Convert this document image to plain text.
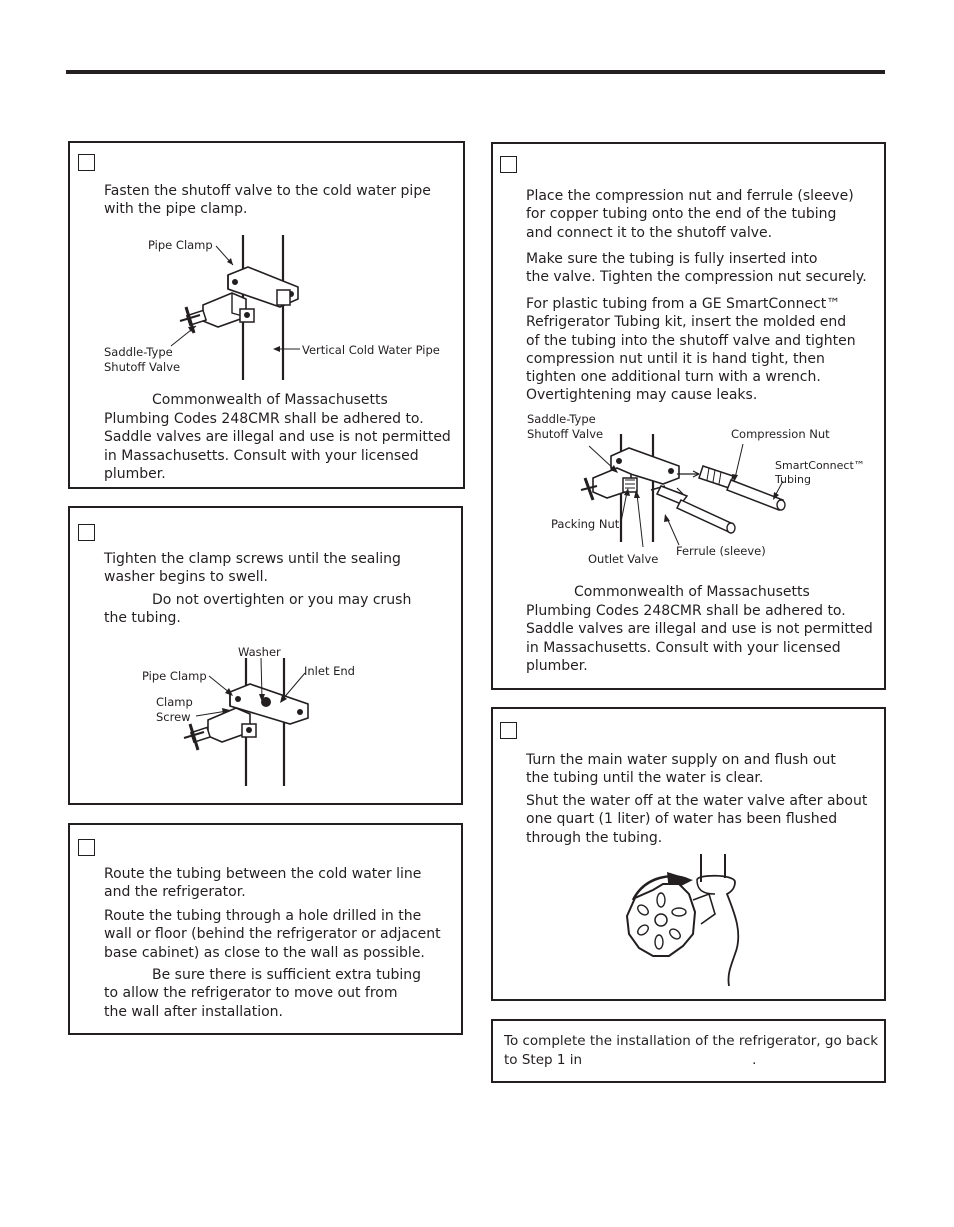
Fasten the shutoff valve to the cold water pipe
with the pipe clamp.
Pipe Clamp
Saddle-Type
Shutoff Valve
Vertical Cold Water Pipe
Commonwealth of Massachusetts
Plumbing Codes 248CMR shall be adhered to.
Saddle valves are illegal and use is not permitted
in Massachusetts. Consult with your licensed
plumber.
Tighten the clamp screws until the sealing
washer begins to swell.
Do not overtighten or you may crush
the tubing.
Washer
Inlet End
Pipe Clamp
Clamp
Screw
Route the tubing between the cold water line
and the refrigerator.
Route the tubing through a hole drilled in the
wall or floor (behind the refrigerator or adjacent
base cabinet) as close to the wall as possible.
Be sure there is sufficient extra tubing
to allow the refrigerator to move out from
the wall after installation.
Place the compression nut and ferrule (sleeve)
for copper tubing onto the end of the tubing
and connect it to the shutoff valve.
Make sure the tubing is fully inserted into
the valve. Tighten the compression nut securely.
For plastic tubing from a GE SmartConnect™
Refrigerator Tubing kit, insert the molded end
of the tubing into the shutoff valve and tighten
compression nut until it is hand tight, then
tighten one additional turn with a wrench.
Overtightening may cause leaks.
Saddle-Type
Shutoff Valve	Compression Nut
SmartConnect™
Tubing
Packing Nut
Outlet Valve
Ferrule (sleeve)
Commonwealth of Massachusetts
Plumbing Codes 248CMR shall be adhered to.
Saddle valves are illegal and use is not permitted
in Massachusetts. Consult with your licensed
plumber.
Turn the main water supply on and flush out
the tubing until the water is clear.
Shut the water off at the water valve after about
one quart (1 liter) of water has been flushed
through the tubing.
To complete the installation of the refrigerator, go back
to Step 1 in	.
